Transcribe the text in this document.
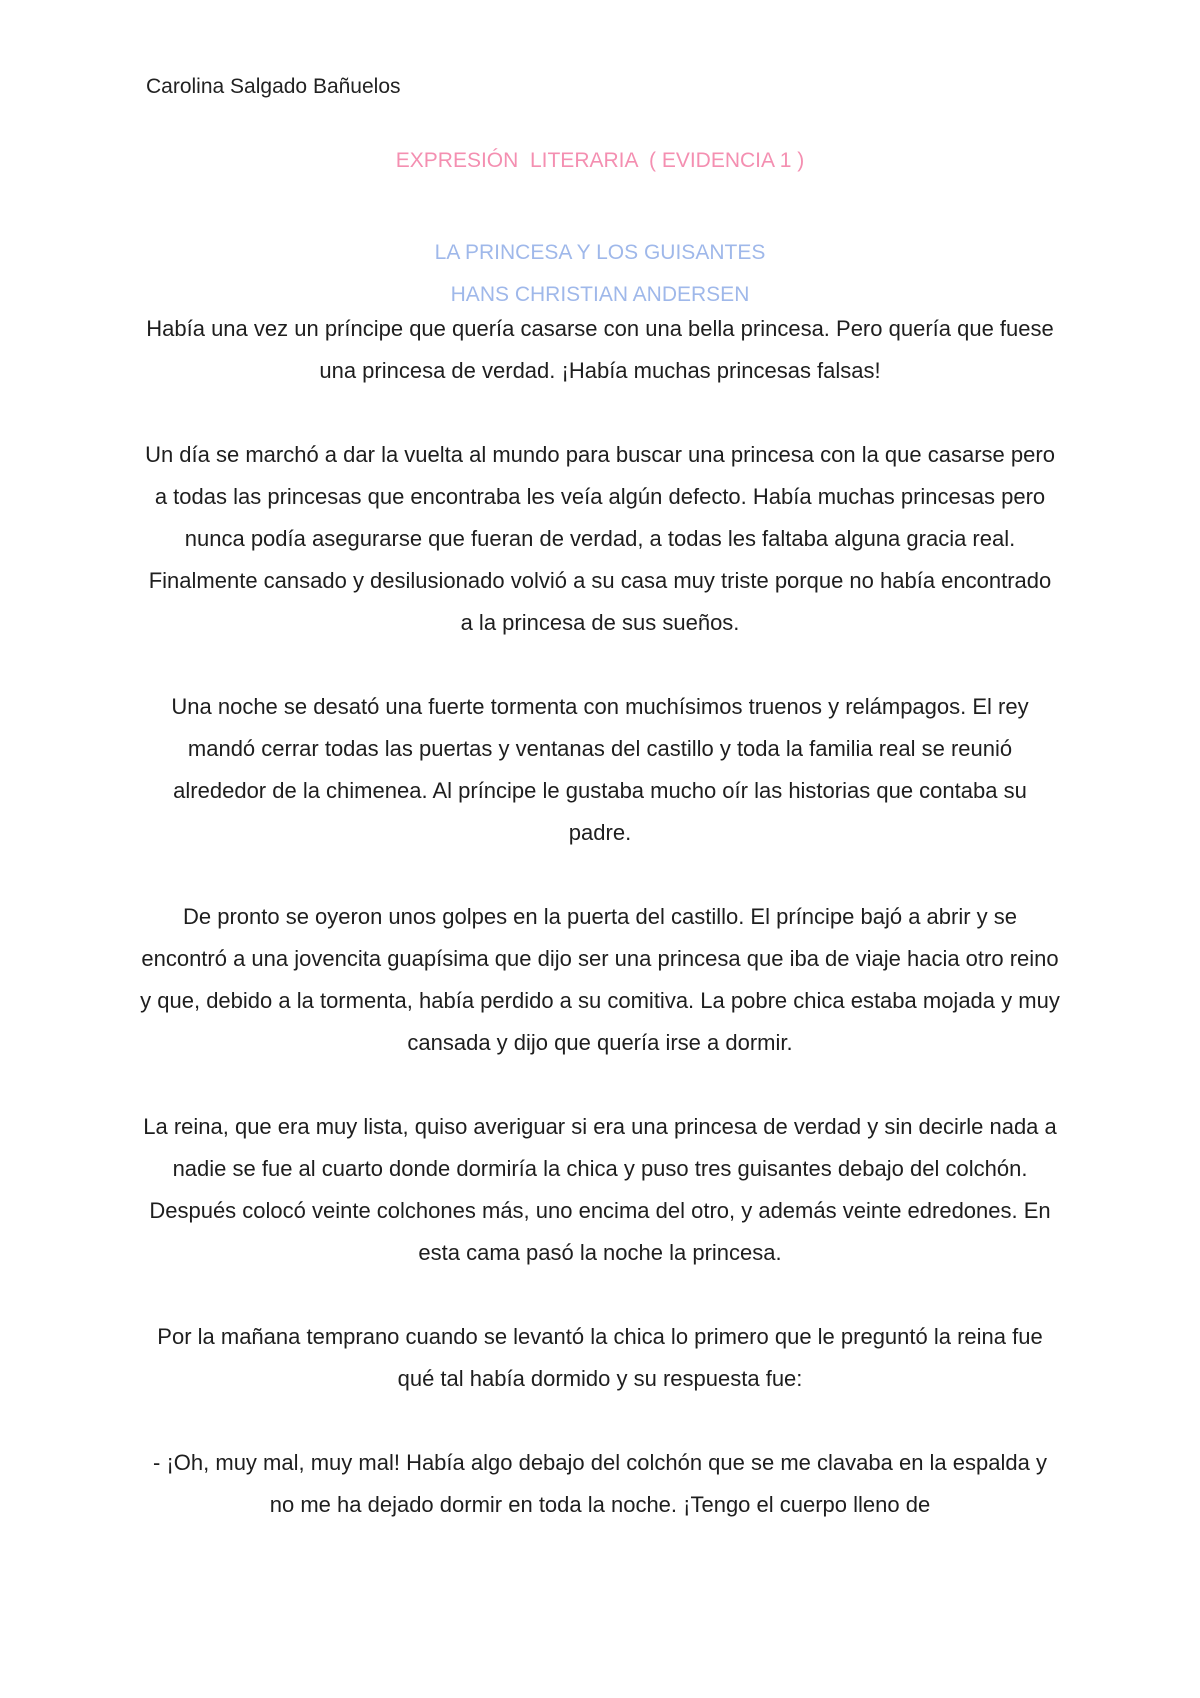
Carolina Salgado Bañuelos
EXPRESIÓN  LITERARIA  ( EVIDENCIA 1 )
LA PRINCESA Y LOS GUISANTES
HANS CHRISTIAN ANDERSEN

Había una vez un príncipe que quería casarse con una bella princesa. Pero quería que fuese una princesa de verdad. ¡Había muchas princesas falsas!

Un día se marchó a dar la vuelta al mundo para buscar una princesa con la que casarse pero a todas las princesas que encontraba les veía algún defecto. Había muchas princesas pero nunca podía asegurarse que fueran de verdad, a todas les faltaba alguna gracia real.

Finalmente cansado y desilusionado volvió a su casa muy triste porque no había encontrado a la princesa de sus sueños.

Una noche se desató una fuerte tormenta con muchísimos truenos y relámpagos. El rey mandó cerrar todas las puertas y ventanas del castillo y toda la familia real se reunió alrededor de la chimenea. Al príncipe le gustaba mucho oír las historias que contaba su padre.

De pronto se oyeron unos golpes en la puerta del castillo. El príncipe bajó a abrir y se encontró a una jovencita guapísima que dijo ser una princesa que iba de viaje hacia otro reino y que, debido a la tormenta, había perdido a su comitiva. La pobre chica estaba mojada y muy cansada y dijo que quería irse a dormir.

La reina, que era muy lista, quiso averiguar si era una princesa de verdad y sin decirle nada a nadie se fue al cuarto donde dormiría la chica y puso tres guisantes debajo del colchón. Después colocó veinte colchones más, uno encima del otro, y además veinte edredones. En esta cama pasó la noche la princesa.

Por la mañana temprano cuando se levantó la chica lo primero que le preguntó la reina fue qué tal había dormido y su respuesta fue:

- ¡Oh, muy mal, muy mal! Había algo debajo del colchón que se me clavaba en la espalda y no me ha dejado dormir en toda la noche. ¡Tengo el cuerpo lleno de
